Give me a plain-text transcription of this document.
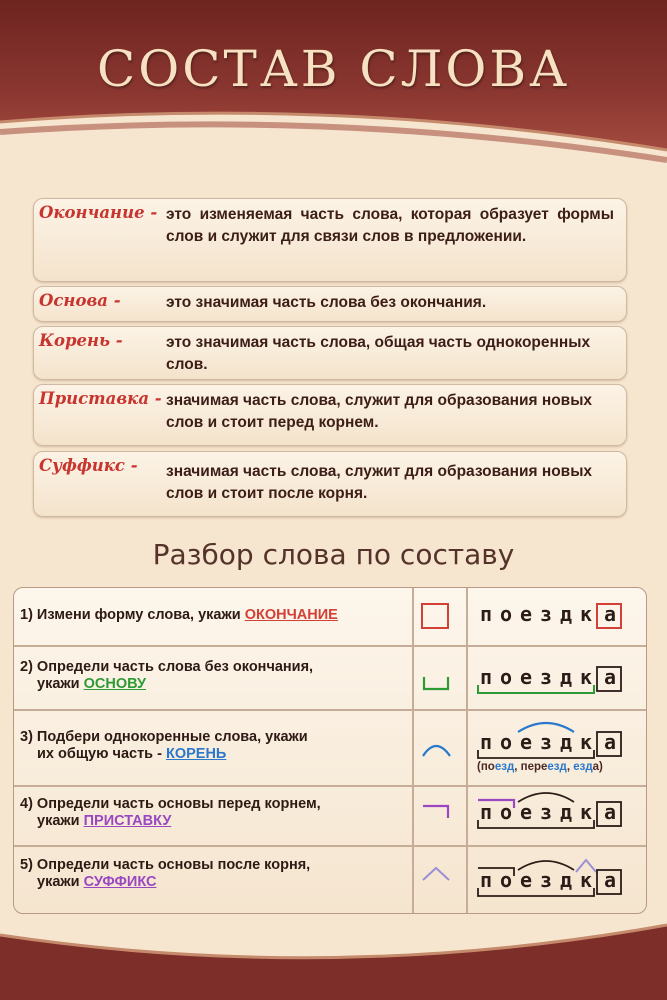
СОСТАВ СЛОВА
Окончание - это изменяемая часть слова, которая образует формы слов и служит для связи слов в предложении.
Основа -	это значимая часть слова без окончания.
Корень -	это значимая часть слова, общая часть однокоренных слов.
Приставка - значимая часть слова, служит для образования новых слов и стоит перед корнем.
Суффикс - значимая часть слова, служит для образования новых слов и стоит после корня.
Разбор слова по составу
1) Измени форму слова, укажи ОКОНЧАНИЕ	п о е з д к а
2) Определи часть слова без окончания,
укажи ОСНОВУ	п о е з д к а
3) Подбери однокоренные слова, укажи
их общую часть - КОРЕНЬ	п о е з д к а
(поезд, переезд, езда)
4) Определи часть основы перед корнем,
укажи ПРИСТАВКУ	п о е з д к а
5) Определи часть основы после корня,
укажи СУФФИКС	п о е з д к а
